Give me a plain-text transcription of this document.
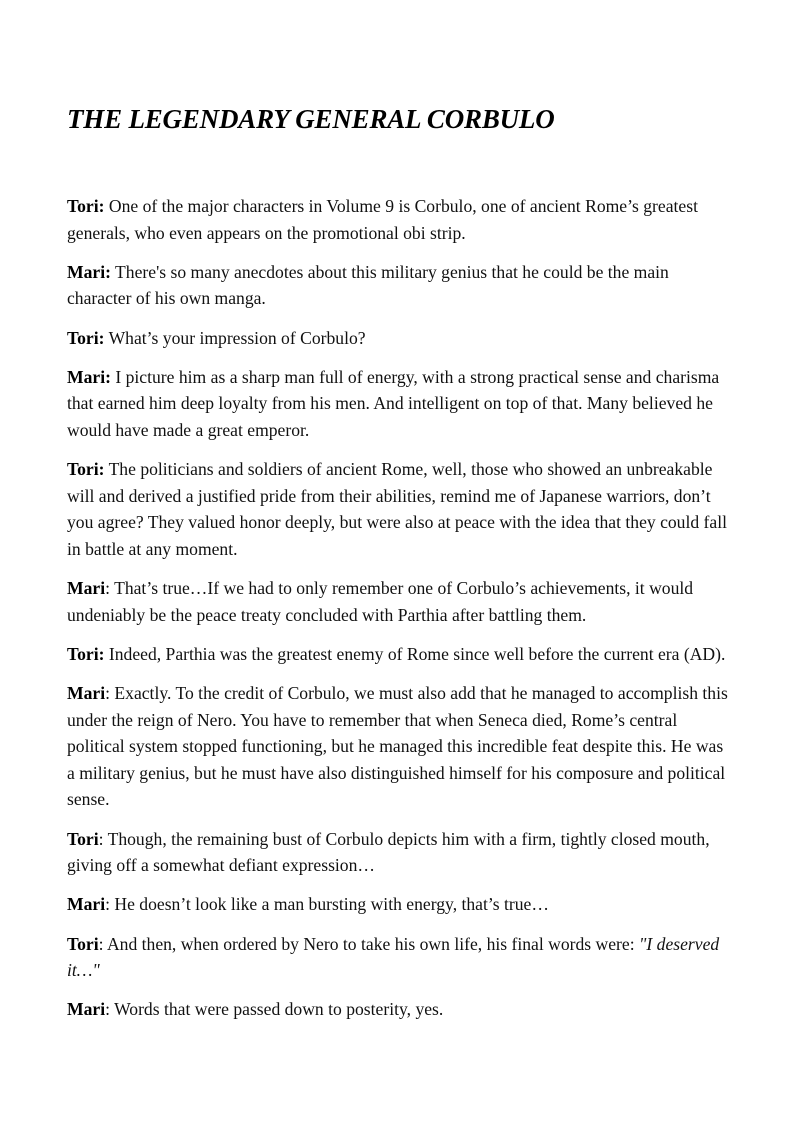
THE LEGENDARY GENERAL CORBULO

Tori: One of the major characters in Volume 9 is Corbulo, one of ancient Rome’s greatest generals, who even appears on the promotional obi strip.

Mari: There's so many anecdotes about this military genius that he could be the main character of his own manga.

Tori: What’s your impression of Corbulo?

Mari: I picture him as a sharp man full of energy, with a strong practical sense and charisma that earned him deep loyalty from his men. And intelligent on top of that. Many believed he would have made a great emperor.

Tori: The politicians and soldiers of ancient Rome, well, those who showed an unbreakable will and derived a justified pride from their abilities, remind me of Japanese warriors, don’t you agree? They valued honor deeply, but were also at peace with the idea that they could fall in battle at any moment.

Mari: That’s true…If we had to only remember one of Corbulo’s achievements, it would undeniably be the peace treaty concluded with Parthia after battling them.

Tori: Indeed, Parthia was the greatest enemy of Rome since well before the current era (AD).

Mari: Exactly. To the credit of Corbulo, we must also add that he managed to accomplish this under the reign of Nero. You have to remember that when Seneca died, Rome’s central political system stopped functioning, but he managed this incredible feat despite this. He was a military genius, but he must have also distinguished himself for his composure and political sense.

Tori: Though, the remaining bust of Corbulo depicts him with a firm, tightly closed mouth, giving off a somewhat defiant expression…

Mari: He doesn’t look like a man bursting with energy, that’s true…

Tori: And then, when ordered by Nero to take his own life, his final words were: "I deserved it…"

Mari: Words that were passed down to posterity, yes.
